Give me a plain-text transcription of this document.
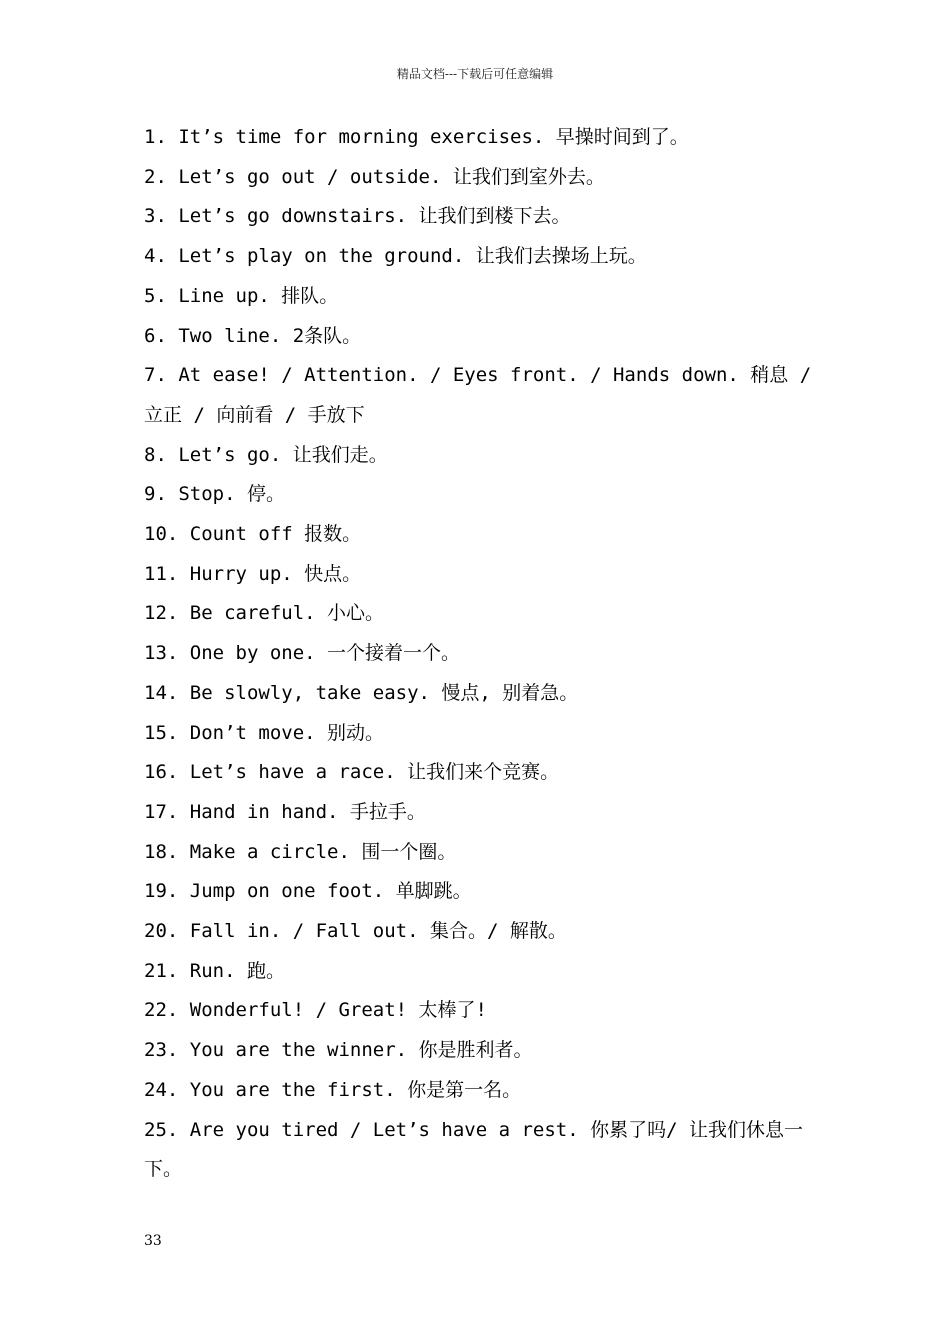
精品文档---下载后可任意编辑
1. It’s time for morning exercises. 早操时间到了。
2. Let’s go out / outside. 让我们到室外去。
3. Let’s go downstairs. 让我们到楼下去。
4. Let’s play on the ground. 让我们去操场上玩。
5. Line up. 排队。
6. Two line. 2条队。
7. At ease! / Attention. / Eyes front. / Hands down. 稍息 / 立正 / 向前看 / 手放下
8. Let’s go. 让我们走。
9. Stop. 停。
10. Count off 报数。
11. Hurry up. 快点。
12. Be careful. 小心。
13. One by one. 一个接着一个。
14. Be slowly, take easy. 慢点, 别着急。
15. Don’t move. 别动。
16. Let’s have a race. 让我们来个竞赛。
17. Hand in hand. 手拉手。
18. Make a circle. 围一个圈。
19. Jump on one foot. 单脚跳。
20. Fall in. / Fall out. 集合。/ 解散。
21. Run. 跑。
22. Wonderful! / Great! 太棒了!
23. You are the winner. 你是胜利者。
24. You are the first. 你是第一名。
25. Are you tired / Let’s have a rest. 你累了吗/ 让我们休息一下。
33
